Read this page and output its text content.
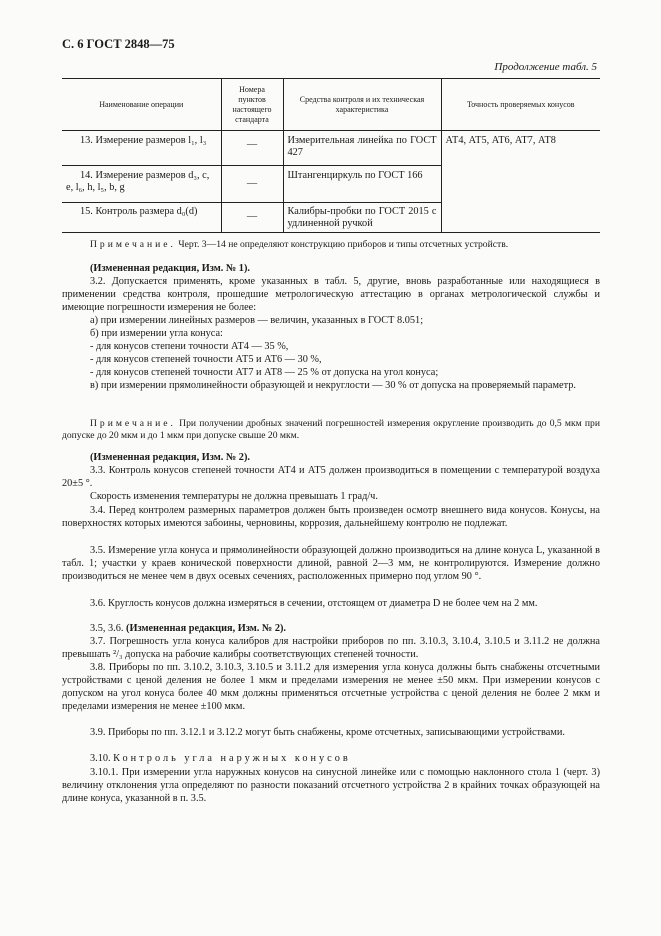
С. 6 ГОСТ 2848—75
Продолжение табл. 5
Наименование операции	Номера пунктов настоящего стандарта	Средства контроля и их техническая характеристика	Точность проверяемых конусов
13. Измерение размеров l₁, l₃	—	Измерительная линейка по ГОСТ 427	АТ4, АТ5, АТ6, АТ7, АТ8
14. Измерение размеров d₃, c, e, l₆, h, l₅, b, g	—	Штангенциркуль по ГОСТ 166	
15. Контроль размера d₀(d)	—	Калибры-пробки по ГОСТ 2015 с удлиненной ручкой	
Примечание. Черт. 3—14 не определяют конструкцию приборов и типы отсчетных устройств.
(Измененная редакция, Изм. № 1).
3.2. Допускается применять, кроме указанных в табл. 5, другие, вновь разработанные или находящиеся в применении средства контроля, прошедшие метрологическую аттестацию в органах метрологической службы и имеющие погрешности измерения не более:
а) при измерении линейных размеров — величин, указанных в ГОСТ 8.051;
б) при измерении угла конуса:
- для конусов степени точности АТ4 — 35 %,
- для конусов степеней точности АТ5 и АТ6 — 30 %,
- для конусов степеней точности АТ7 и АТ8 — 25 % от допуска на угол конуса;
в) при измерении прямолинейности образующей и некруглости — 30 % от допуска на проверяемый параметр.
Примечание. При получении дробных значений погрешностей измерения округление производить до 0,5 мкм при допуске до 20 мкм и до 1 мкм при допуске свыше 20 мкм.
(Измененная редакция, Изм. № 2).
3.3. Контроль конусов степеней точности АТ4 и АТ5 должен производиться в помещении с температурой воздуха 20±5 °.
Скорость изменения температуры не должна превышать 1 град/ч.
3.4. Перед контролем размерных параметров должен быть произведен осмотр внешнего вида конусов. Конусы, на поверхностях которых имеются забоины, черновины, коррозия, дальнейшему контролю не подлежат.
3.5. Измерение угла конуса и прямолинейности образующей должно производиться на длине конуса L, указанной в табл. 1; участки у краев конической поверхности длиной, равной 2—3 мм, не контролируются. Измерение должно производиться не менее чем в двух осевых сечениях, расположенных примерно под углом 90 °.
3.6. Круглость конусов должна измеряться в сечении, отстоящем от диаметра D не более чем на 2 мм.
3.5, 3.6. (Измененная редакция, Изм. № 2).
3.7. Погрешность угла конуса калибров для настройки приборов по пп. 3.10.3, 3.10.4, 3.10.5 и 3.11.2 не должна превышать ²/₃ допуска на рабочие калибры соответствующих степеней точности.
3.8. Приборы по пп. 3.10.2, 3.10.3, 3.10.5 и 3.11.2 для измерения угла конуса должны быть снабжены отсчетными устройствами с ценой деления не более 1 мкм и пределами измерения не менее ±50 мкм. При измерении конусов с допуском на угол конуса более 40 мкм должны применяться отсчетные устройства с ценой деления не более 2 мкм и пределами измерения не менее ±100 мкм.
3.9. Приборы по пп. 3.12.1 и 3.12.2 могут быть снабжены, кроме отсчетных, записывающими устройствами.
3.10. Контроль угла наружных конусов
3.10.1. При измерении угла наружных конусов на синусной линейке или с помощью наклонного стола 1 (черт. 3) величину отклонения угла определяют по разности показаний отсчетного устройства 2 в крайних точках образующей на длине конуса, указанной в п. 3.5.
